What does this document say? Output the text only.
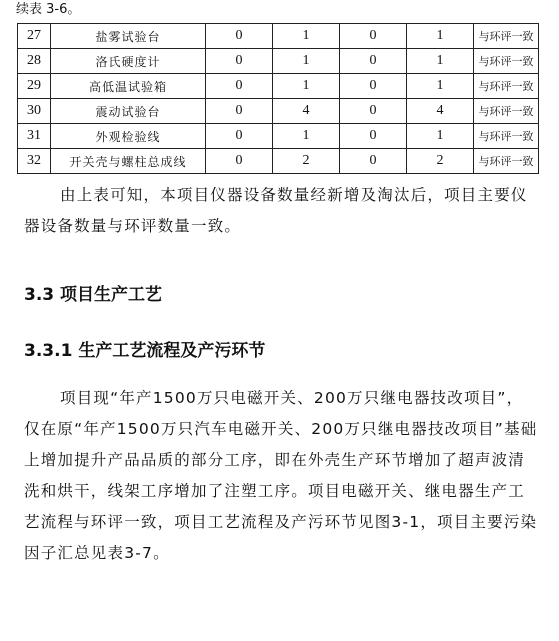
续表 3-6。
27	盐雾试验台	0	1	0	1	与环评一致
28	洛氏硬度计	0	1	0	1	与环评一致
29	高低温试验箱	0	1	0	1	与环评一致
30	震动试验台	0	4	0	4	与环评一致
31	外观检验线	0	1	0	1	与环评一致
32	开关壳与螺柱总成线	0	2	0	2	与环评一致
由上表可知，本项目仪器设备数量经新增及淘汰后，项目主要仪器设备数量与环评数量一致。
3.3 项目生产工艺
3.3.1 生产工艺流程及产污环节
项目现“年产1500万只电磁开关、200万只继电器技改项目”，仅在原“年产1500万只汽车电磁开关、200万只继电器技改项目”基础上增加提升产品品质的部分工序，即在外壳生产环节增加了超声波清洗和烘干，线架工序增加了注塑工序。项目电磁开关、继电器生产工艺流程与环评一致，项目工艺流程及产污环节见图3-1，项目主要污染因子汇总见表3-7。
